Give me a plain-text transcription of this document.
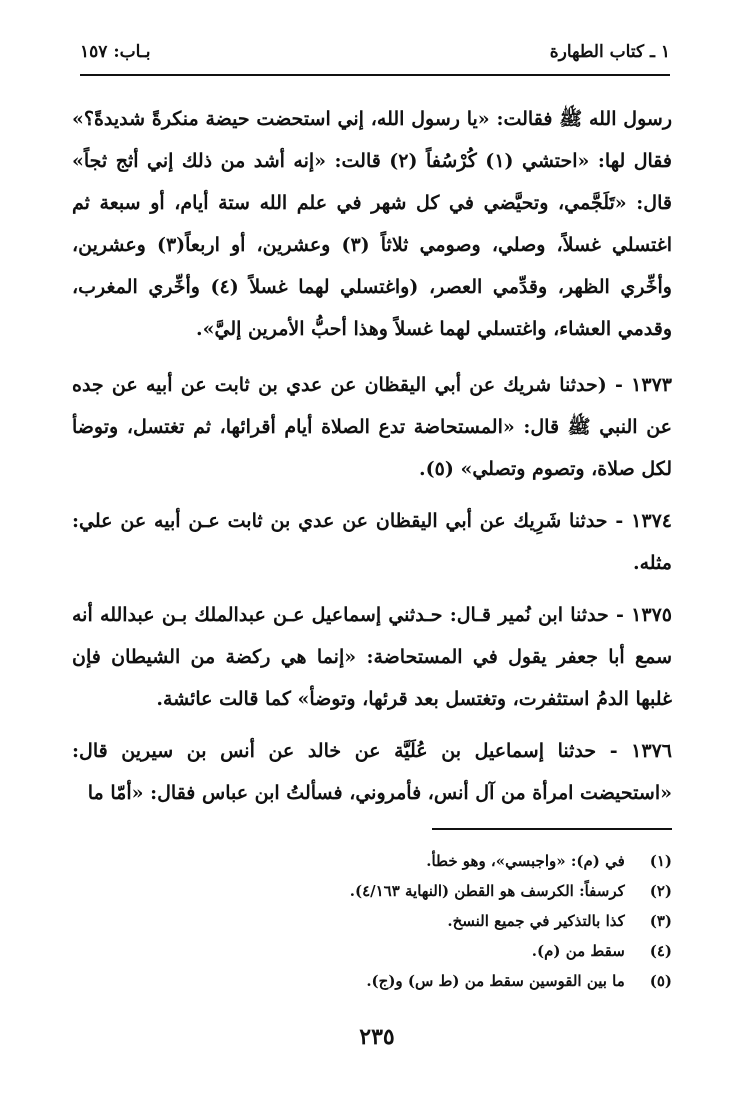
١ ـ كتاب الطهارة
بـاب: ١٥٧

رسول الله ﷺ فقالت: «يا رسول الله، إني استحضت حيضة منكرةً شديدةً؟» فقال لها: «احتشي (١) كُرْسُفاً (٢) قالت: «إنه أشد من ذلك إني أثج ثجاً» قال: «تَلَجَّمي، وتحيَّضي في كل شهر في علم الله ستة أيام، أو سبعة ثم اغتسلي غسلاً، وصلي، وصومي ثلاثاً (٣) وعشرين، أو اربعاً(٣) وعشرين، وأخِّري الظهر، وقدِّمي العصر، (واغتسلي لهما غسلاً (٤) وأخِّري المغرب، وقدمي العشاء، واغتسلي لهما غسلاً وهذا أحبُّ الأمرين إليَّ».

١٣٧٣ - (حدثنا شريك عن أبي اليقظان عن عدي بن ثابت عن أبيه عن جده عن النبي ﷺ قال: «المستحاضة تدع الصلاة أيام أقرائها، ثم تغتسل، وتوضأ لكل صلاة، وتصوم وتصلي» (٥).

١٣٧٤ - حدثنا شَرِيك عن أبي اليقظان عن عدي بن ثابت عـن أبيه عن علي: مثله.

١٣٧٥ - حدثنا ابن نُمير قـال: حـدثني إسماعيل عـن عبدالملك بـن عبدالله أنه سمع أبا جعفر يقول في المستحاضة: «إنما هي ركضة من الشيطان فإن غلبها الدمُ استثفرت، وتغتسل بعد قرئها، وتوضأ» كما قالت عائشة.

١٣٧٦ - حدثنا إسماعيل بن عُلَيَّة عن خالد عن أنس بن سيرين قال: «استحيضت امرأة من آل أنس، فأمروني، فسألتُ ابن عباس فقال: «أمّا ما

(١) في (م): «واجبسي»، وهو خطأ.
(٢) كرسفاً: الكرسف هو القطن (النهاية ٤/١٦٣).
(٣) كذا بالتذكير في جميع النسخ.
(٤) سقط من (م).
(٥) ما بين القوسين سقط من (ط س) و(ج).
٢٣٥
